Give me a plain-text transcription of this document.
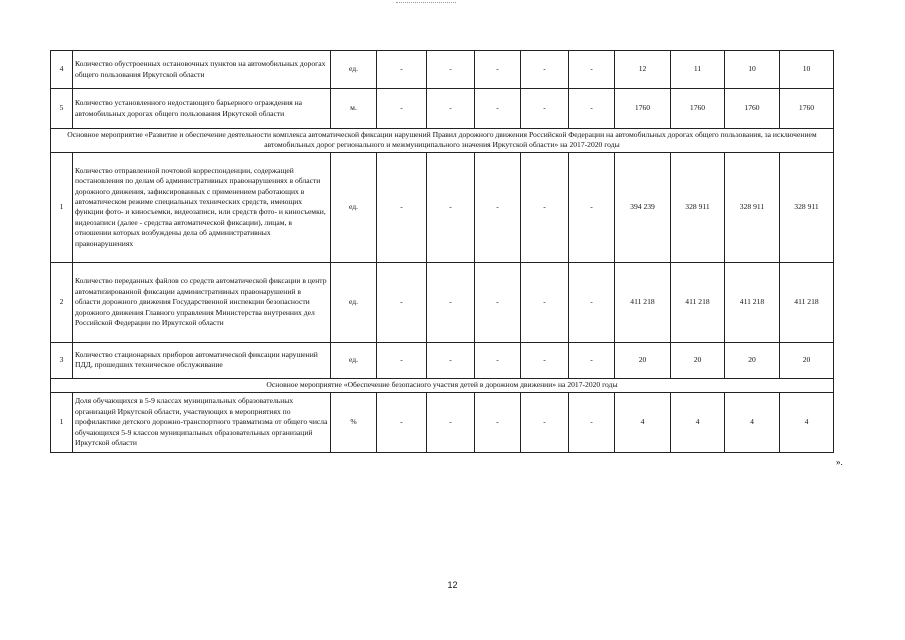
4	Количество обустроенных остановочных пунктов на автомобильных дорогах общего пользования Иркутской области	ед.	-	-	-	-	-	12	11	10	10
5	Количество установленного недостающего барьерного ограждения на автомобильных дорогах общего пользования Иркутской области	м.	-	-	-	-	-	1760	1760	1760	1760
Основное мероприятие «Развитие и обеспечение деятельности комплекса автоматической фиксации нарушений Правил дорожного движения Российской Федерации на автомобильных дорогах общего пользования, за исключением автомобильных дорог регионального и межмуниципального значения Иркутской области» на 2017-2020 годы											
1	Количество отправленной почтовой корреспонденции, содержащей постановления по делам об административных правонарушениях в области дорожного движения, зафиксированных с применением работающих в автоматическом режиме специальных технических средств, имеющих функции фото- и киносъемки, видеозаписи, или средств фото- и киносъемки, видеозаписи (далее - средства автоматической фиксации), лицам, в отношении которых возбуждены дела об административных правонарушениях	ед.	-	-	-	-	-	394 239	328 911	328 911	328 911
2	Количество переданных файлов со средств автоматической фиксации в центр автоматизированной фиксации административных правонарушений в области дорожного движения Государственной инспекции безопасности дорожного движения Главного управления Министерства внутренних дел Российской Федерации по Иркутской области	ед.	-	-	-	-	-	411 218	411 218	411 218	411 218
3	Количество стационарных приборов автоматической фиксации нарушений ПДД, прошедших техническое обслуживание	ед.	-	-	-	-	-	20	20	20	20
Основное мероприятие «Обеспечение безопасного участия детей в дорожном движении» на 2017-2020 годы											
1	Доля обучающихся в 5-9 классах муниципальных образовательных организаций Иркутской области, участвующих в мероприятиях по профилактике детского дорожно-транспортного травматизма от общего числа обучающихся 5-9 классов муниципальных образовательных организаций Иркутской области	%	-	-	-	-	-	4	4	4	4
».
12
